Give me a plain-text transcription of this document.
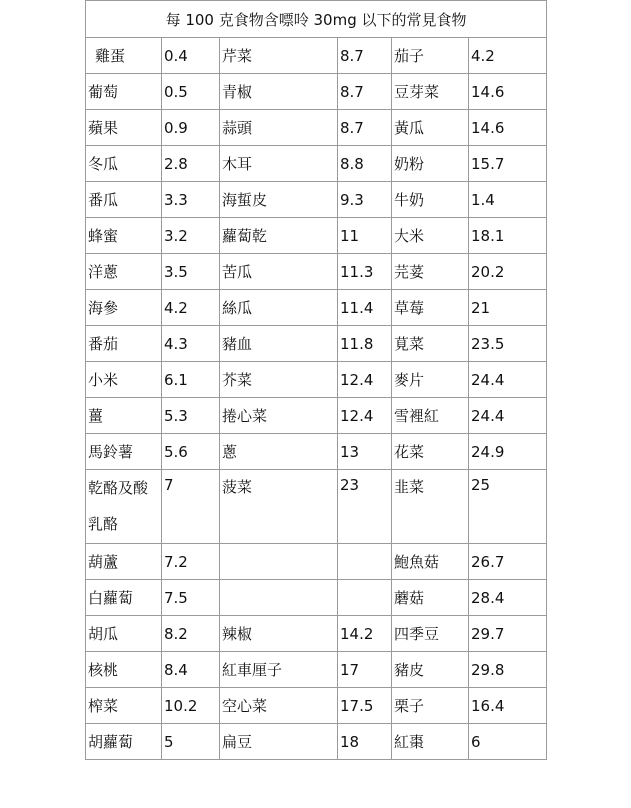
每 100 克食物含嘌呤 30mg 以下的常見食物					
雞蛋	0.4	芹菜	8.7	茄子	4.2
葡萄	0.5	青椒	8.7	豆芽菜	14.6
蘋果	0.9	蒜頭	8.7	黃瓜	14.6
冬瓜	2.8	木耳	8.8	奶粉	15.7
番瓜	3.3	海蜇皮	9.3	牛奶	1.4
蜂蜜	3.2	蘿蔔乾	11	大米	18.1
洋蔥	3.5	苦瓜	11.3	芫荽	20.2
海參	4.2	絲瓜	11.4	草莓	21
番茄	4.3	豬血	11.8	莧菜	23.5
小米	6.1	芥菜	12.4	麥片	24.4
薑	5.3	捲心菜	12.4	雪裡紅	24.4
馬鈴薯	5.6	蔥	13	花菜	24.9
乾酪及酸乳酪	7	菠菜	23	韭菜	25
葫蘆	7.2			鮑魚菇	26.7
白蘿蔔	7.5			蘑菇	28.4
胡瓜	8.2	辣椒	14.2	四季豆	29.7
核桃	8.4	紅車厘子	17	豬皮	29.8
榨菜	10.2	空心菜	17.5	栗子	16.4
胡蘿蔔	5	扁豆	18	紅棗	6
